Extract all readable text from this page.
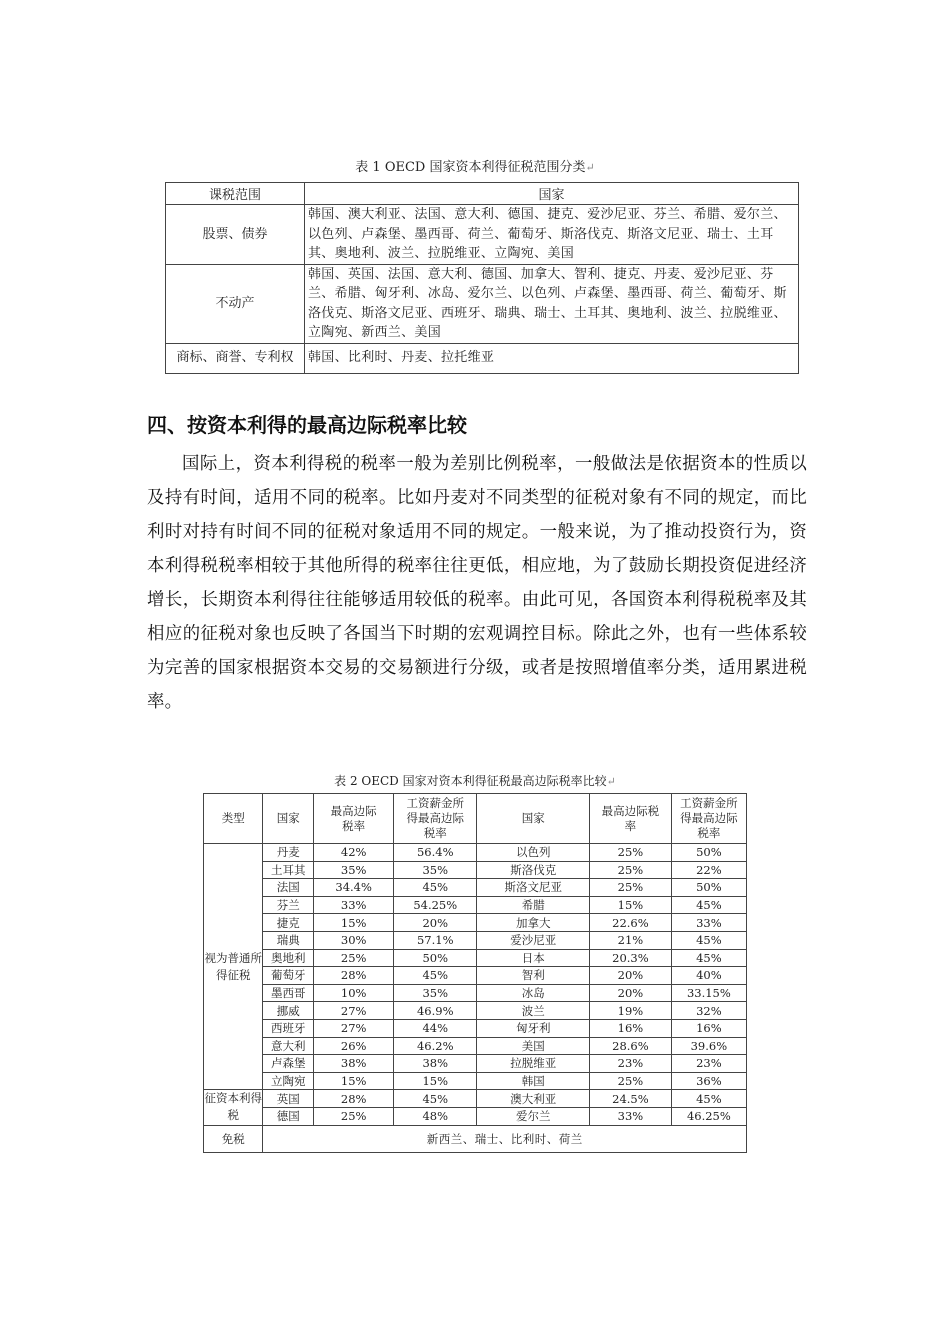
表 1 OECD 国家资本利得征税范围分类↵
课税范围	国家
股票、债券	韩国、澳大利亚、法国、意大利、德国、捷克、爱沙尼亚、芬兰、希腊、爱尔兰、以色列、卢森堡、墨西哥、荷兰、葡萄牙、斯洛伐克、斯洛文尼亚、瑞士、土耳其、奥地利、波兰、拉脱维亚、立陶宛、美国
不动产	韩国、英国、法国、意大利、德国、加拿大、智利、捷克、丹麦、爱沙尼亚、芬兰、希腊、匈牙利、冰岛、爱尔兰、以色列、卢森堡、墨西哥、荷兰、葡萄牙、斯洛伐克、斯洛文尼亚、西班牙、瑞典、瑞士、土耳其、奥地利、波兰、拉脱维亚、立陶宛、新西兰、美国
商标、商誉、专利权	韩国、比利时、丹麦、拉托维亚
四、按资本利得的最高边际税率比较

国际上，资本利得税的税率一般为差别比例税率，一般做法是依据资本的性质以及持有时间，适用不同的税率。比如丹麦对不同类型的征税对象有不同的规定，而比利时对持有时间不同的征税对象适用不同的规定。一般来说，为了推动投资行为，资本利得税税率相较于其他所得的税率往往更低，相应地，为了鼓励长期投资促进经济增长，长期资本利得往往能够适用较低的税率。由此可见，各国资本利得税税率及其相应的征税对象也反映了各国当下时期的宏观调控目标。除此之外，也有一些体系较为完善的国家根据资本交易的交易额进行分级，或者是按照增值率分类，适用累进税率。

表 2 OECD 国家对资本利得征税最高边际税率比较↵
类型	国家	最高边际税率	工资薪金所得最高边际税率	国家	最高边际税率	工资薪金所得最高边际税率
视为普通所得征税	丹麦	42%	56.4%	以色列	25%	50%
	土耳其	35%	35%	斯洛伐克	25%	22%
	法国	34.4%	45%	斯洛文尼亚	25%	50%
	芬兰	33%	54.25%	希腊	15%	45%
	捷克	15%	20%	加拿大	22.6%	33%
	瑞典	30%	57.1%	爱沙尼亚	21%	45%
	奥地利	25%	50%	日本	20.3%	45%
	葡萄牙	28%	45%	智利	20%	40%
	墨西哥	10%	35%	冰岛	20%	33.15%
	挪威	27%	46.9%	波兰	19%	32%
	西班牙	27%	44%	匈牙利	16%	16%
	意大利	26%	46.2%	美国	28.6%	39.6%
	卢森堡	38%	38%	拉脱维亚	23%	23%
	立陶宛	15%	15%	韩国	25%	36%
征资本利得税	英国	28%	45%	澳大利亚	24.5%	45%
	德国	25%	48%	爱尔兰	33%	46.25%
免税	新西兰、瑞士、比利时、荷兰					
